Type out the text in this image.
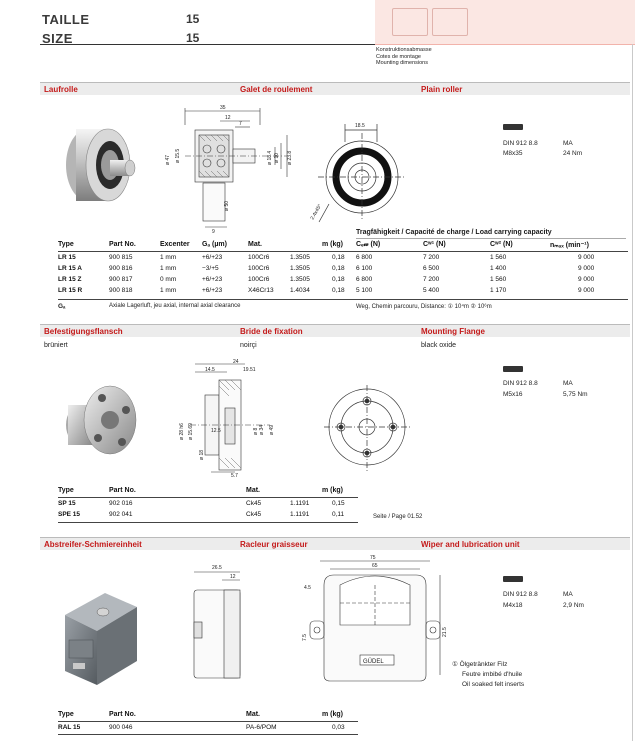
TAILLE
SIZE
15
15
Konstruktionsabmasse
Cotes de montage
Mounting dimensions
Laufrolle	Galet de roulement	Plain roller
35
12
7
9
ø 47 ø 15.5	ø 18.4 ø 10 ø 23.8
ø 50
18.5
2.4x45°
DIN 912 8.8
M8x35
MA
24 Nm
Tragfähigkeit / Capacité de charge / Load carrying capacity
Type	Part No.	Excenter Gₐ (µm)	Mat.	m (kg) Cₑ𝓌 (N)	Cʷ¹ (N)	Cʷ² (N)	nₘₐₓ (min⁻¹)
LR 15	900 815	1 mm	+6/+23	100Cr6	1.3505	0,18 6 800	7 200	1 560	9 000
LR 15 A	900 816	1 mm	−3/+5	100Cr6	1.3505	0,18 6 100	6 500	1 400	9 000
LR 15 Z	900 817	0 mm	+6/+23	100Cr6	1.3505	0,18 6 800	7 200	1 560	9 000
LR 15 R	900 818	1 mm	+6/+23	X46Cr13	1.4034	0,18 5 100	5 400	1 170	9 000
Gₐ	Axiale Lagerluft, jeu axial, internal axial clearance	Weg, Chemin parcouru, Distance: ① 10⁴m ② 10⁶m
Befestigungsflansch	Bride de fixation	Mounting Flange
brüniert	noirçi	black oxide
24
14.5	19.51
12.5
5.7
ø 28 h6 ø 15.69
ø 18
ø 8 ø 34 ø 49
DIN 912 8.8
M5x16
MA
5,75 Nm
Type	Part No.	Mat.	m (kg)
SP 15	902 016	Ck45	1.1191	0,15
SPE 15	902 041	Ck45	1.1191	0,11	Seite / Page 01.52
Abstreifer-Schmiereinheit	Racleur graisseur	Wiper and lubrication unit
26.5
12
75
65
4.5
21.5
7.5
GÜDEL
DIN 912 8.8
M4x18
MA
2,9 Nm
① Ölgetränkter Filz
Feutre imbibé d'huile
Oil soaked felt inserts
Type	Part No.	Mat.	m (kg)
RAL 15	900 046	PA-6/POM	0,03
